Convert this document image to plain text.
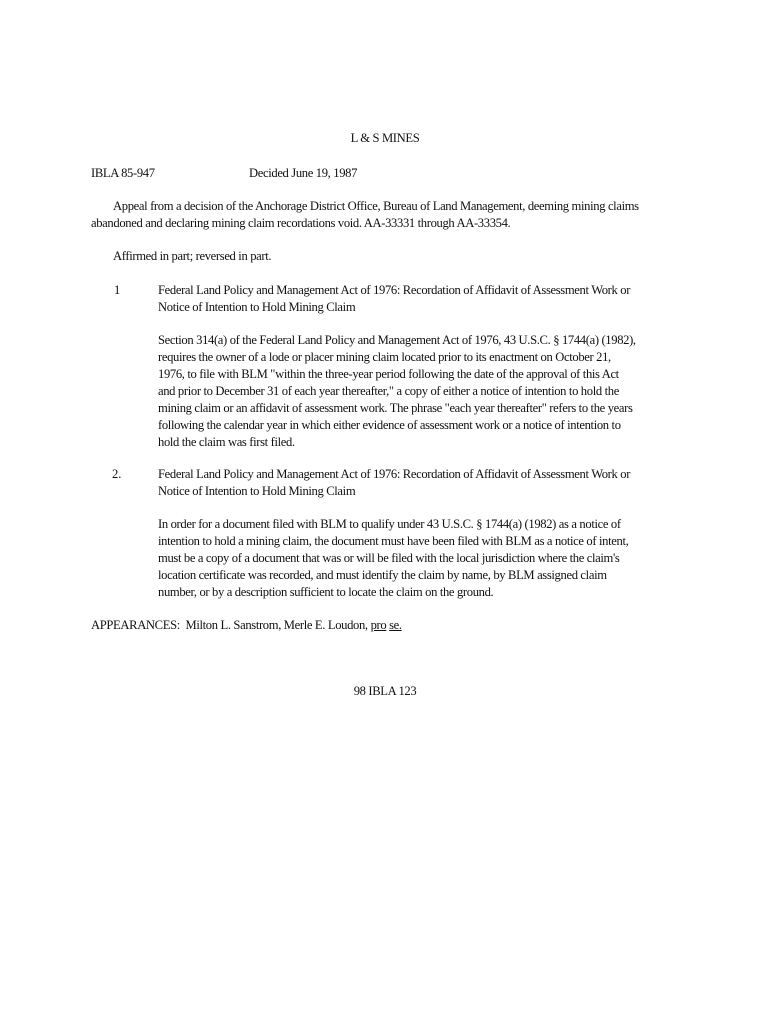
L & S MINES
IBLA 85-947	Decided June 19, 1987
Appeal from a decision of the Anchorage District Office, Bureau of Land Management, deeming mining claims abandoned and declaring mining claim recordations void. AA-33331 through AA-33354.
Affirmed in part; reversed in part.
1	Federal Land Policy and Management Act of 1976: Recordation of Affidavit of Assessment Work or Notice of Intention to Hold Mining Claim
Section 314(a) of the Federal Land Policy and Management Act of 1976, 43 U.S.C. § 1744(a) (1982), requires the owner of a lode or placer mining claim located prior to its enactment on October 21, 1976, to file with BLM "within the three-year period following the date of the approval of this Act and prior to December 31 of each year thereafter," a copy of either a notice of intention to hold the mining claim or an affidavit of assessment work. The phrase "each year thereafter" refers to the years following the calendar year in which either evidence of assessment work or a notice of intention to hold the claim was first filed.
2.	Federal Land Policy and Management Act of 1976: Recordation of Affidavit of Assessment Work or Notice of Intention to Hold Mining Claim
In order for a document filed with BLM to qualify under 43 U.S.C. § 1744(a) (1982) as a notice of intention to hold a mining claim, the document must have been filed with BLM as a notice of intent, must be a copy of a document that was or will be filed with the local jurisdiction where the claim's location certificate was recorded, and must identify the claim by name, by BLM assigned claim number, or by a description sufficient to locate the claim on the ground.
APPEARANCES: Milton L. Sanstrom, Merle E. Loudon, pro se.
98 IBLA 123
